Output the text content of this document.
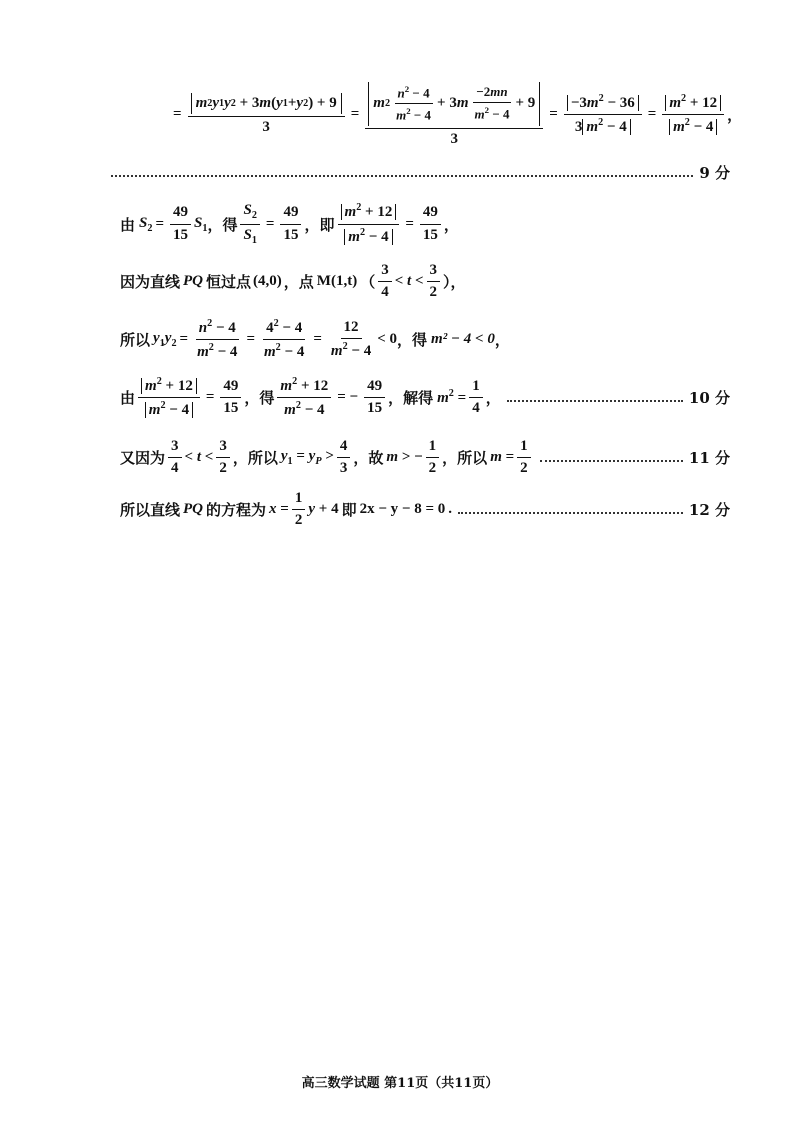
= $\frac{m 2 y 1 y 2 + 3 m ( y 1 + y 2 ) + 9}{3} = \frac{m 2 \frac{n^2 - 4}{m^2 - 4} + 3 m \frac{-2mn}{m^2 - 4} + 9}{3} = \frac{-3m^2 - 36}{3 m^2 - 4} = \frac{m^2 + 12}{m^2 - 4}$ ，
9 分
由 $S_2 = \frac{49}{15} S_1$ ， 得 $\frac{S_2}{S_1} = \frac{49}{15}$ ， 即 $\frac{m^2 + 12}{m^2 - 4} = \frac{49}{15}$ ，
因为直线 PQ 恒过点 (4,0) ，点 M(1,t) （ $\frac{3}{4} < t < \frac{3}{2}$ ），
所以 $y_1y_2 = \frac{n^2 - 4}{m^2 - 4} = \frac{4^2 - 4}{m^2 - 4} = \frac{12}{m^2 - 4} < 0$ ，得 m² − 4 < 0 ，
由 $\frac{m^2 + 12}{m^2 - 4} = \frac{49}{15}$ ，得 $\frac{m^2 + 12}{m^2 - 4}$ = − $\frac{49}{15}$ ，解得 $m^2 = \frac{1}{4}$ ，	10 分
又因为 $\frac{3}{4} < t < \frac{3}{2}$ ，所以 $y_1 = y_P > \frac{4}{3}$ ，故 m > − $\frac{1}{2}$ ，所以 $m = \frac{1}{2}$	11 分
所以直线 PQ 的方程为 $x = \frac{1}{2}$ y + 4 即 2x − y − 8 = 0 .	12 分
高三数学试题 第11页（共11页）
